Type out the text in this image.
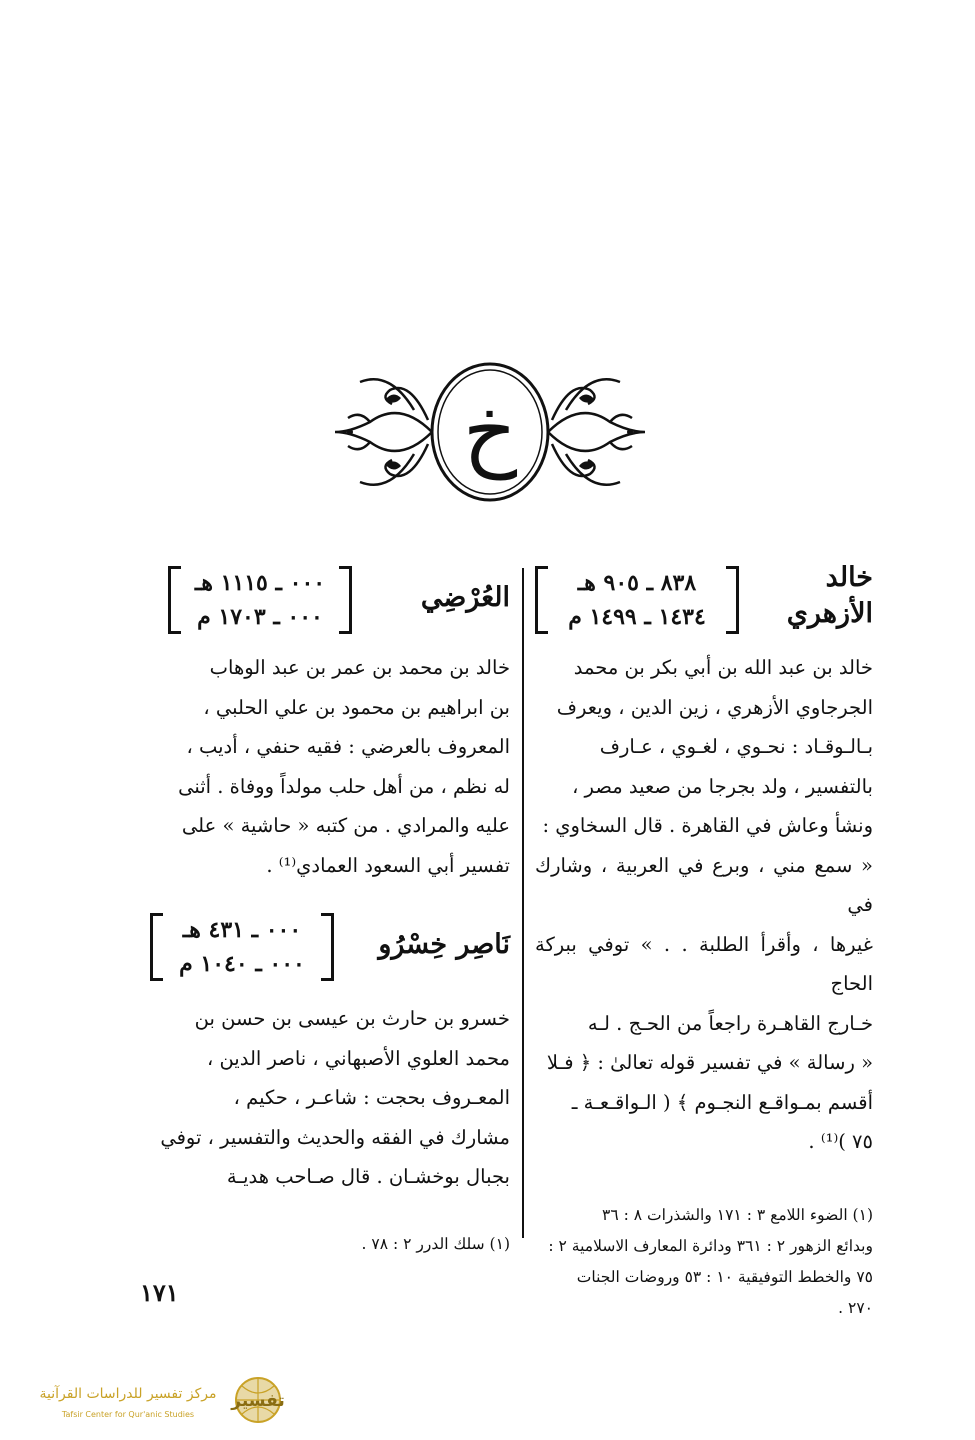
خ
خالد
الأزهري
٨٣٨ ـ ٩٠٥ هـ
١٤٣٤ ـ ١٤٩٩ م

خالد بن عبد الله بن أبي بكر بن محمد

الجرجاوي الأزهري ، زين الدين ، ويعرف

بـالـوقـاد : نحـوي ، لغـوي ، عـارف

بالتفسير ، ولد بجرجا من صعيد مصر ،

ونشأ وعاش في القاهرة . قال السخاوي :

« سمع مني ، وبرع في العربية ، وشارك في

غيرها ، وأقرأ الطلبة . . » توفي ببركة الحاج

خـارج القاهـرة راجعاً من الحـج . لـه

« رسالة » في تفسير قوله تعالىٰ : ﴿ فـلا

أقسم بمـواقـع النجـوم ﴾ ( الـواقـعـة ـ

٧٥ )⁽¹⁾ .

(١) الضوء اللامع ٣ : ١٧١ والشذرات ٨ : ٣٦

وبدائع الزهور ٢ : ٣٦١ ودائرة المعارف الاسلامية ٢ :

٧٥ والخطط التوفيقية ١٠ : ٥٣ وروضات الجنات

٢٧٠ .

العُرْضِي
٠٠٠ ـ ١١١٥ هـ
٠٠٠ ـ ١٧٠٣ م

خالد بن محمد بن عمر بن عبد الوهاب

بن ابراهيم بن محمود بن علي الحلبي ،

المعروف بالعرضي : فقيه حنفي ، أديب ،

له نظم ، من أهل حلب مولداً ووفاة . أثنى

عليه والمرادي . من كتبه « حاشية » على

تفسير أبي السعود العمادي⁽¹⁾ .

نَاصِر خِسْرُو
٠٠٠ ـ ٤٣١ هـ
٠٠٠ ـ ١٠٤٠ م

خسرو بن حارث بن عيسى بن حسن بن

محمد العلوي الأصبهاني ، ناصر الدين ،

المعـروف بحجت : شاعـر ، حكيم ،

مشارك في الفقه والحديث والتفسير ، توفي

بجبال بوخشـان . قال صـاحب هديـة

(١) سلك الدرر ٢ : ٧٨ .

١٧١
تفسير
مركز تفسير للدراسات القرآنية
Tafsir Center for Qur'anic Studies
